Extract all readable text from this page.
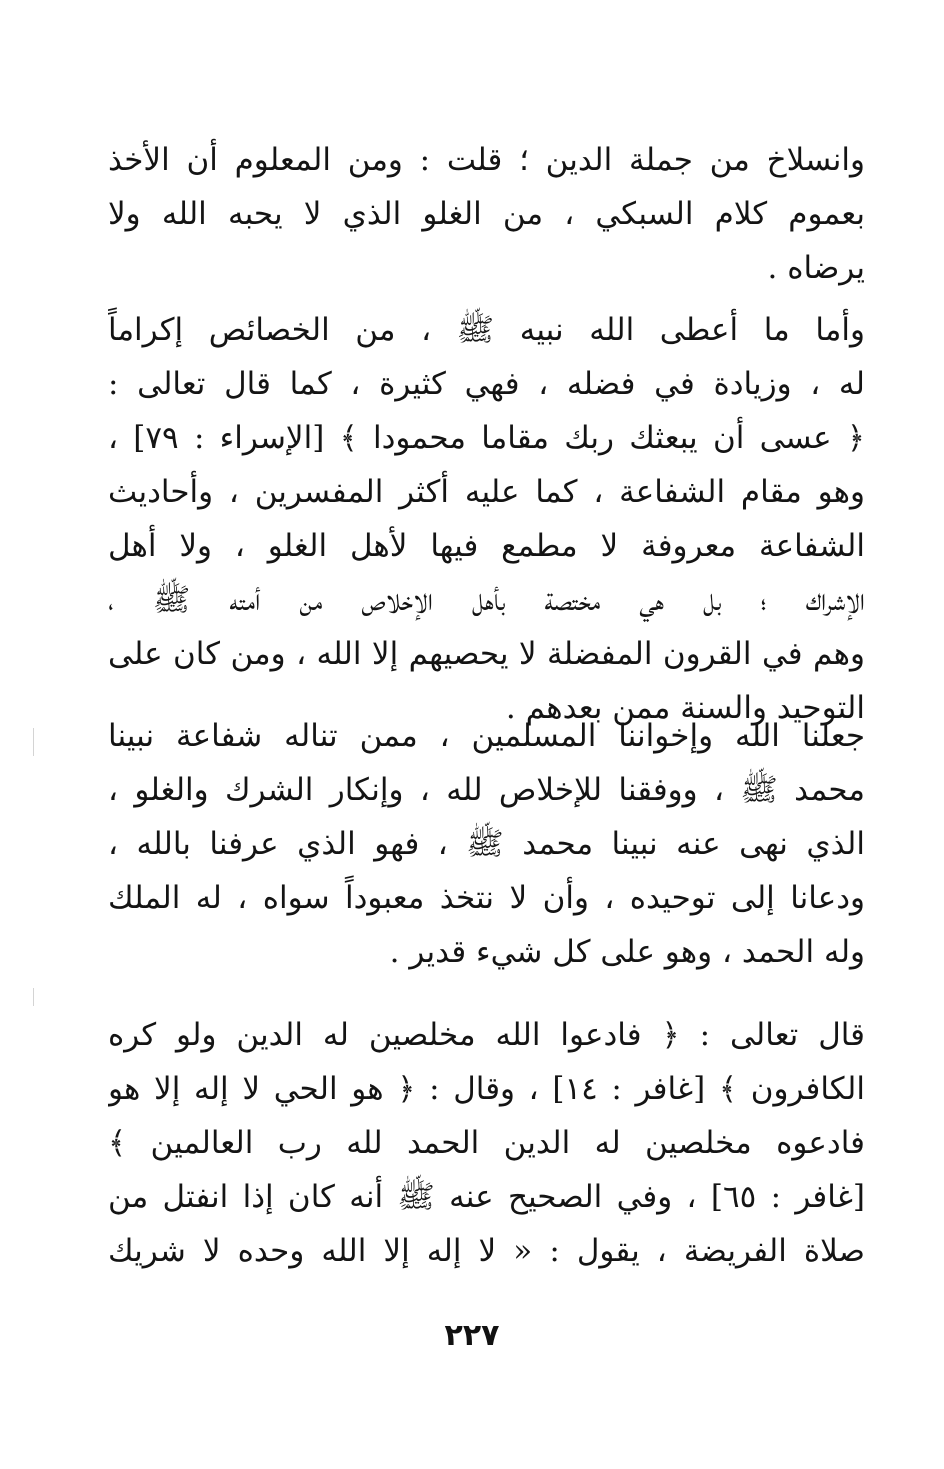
وانسلاخ من جملة الدين ؛ قلت : ومن المعلوم أن الأخذ
بعموم كلام السبكي ، من الغلو الذي لا يحبه الله ولا
يرضاه .
وأما ما أعطى الله نبيه ﷺ ، من الخصائص إكراماً
له ، وزيادة في فضله ، فهي كثيرة ، كما قال تعالى :
﴿ عسى أن يبعثك ربك مقاما محمودا ﴾ [الإسراء : ٧٩] ،
وهو مقام الشفاعة ، كما عليه أكثر المفسرين ، وأحاديث
الشفاعة معروفة لا مطمع فيها لأهل الغلو ، ولا أهل
الإشراك ؛ بل هي مختصة بأهل الإخلاص من أمته ﷺ ،
وهم في القرون المفضلة لا يحصيهم إلا الله ، ومن كان على
التوحيد والسنة ممن بعدهم .
جعلنا الله وإخواننا المسلمين ، ممن تناله شفاعة نبينا
محمد ﷺ ، ووفقنا للإخلاص لله ، وإنكار الشرك والغلو ،
الذي نهى عنه نبينا محمد ﷺ ، فهو الذي عرفنا بالله ،
ودعانا إلى توحيده ، وأن لا نتخذ معبوداً سواه ، له الملك
وله الحمد ، وهو على كل شيء قدير .
قال تعالى : ﴿ فادعوا الله مخلصين له الدين ولو كره
الكافرون ﴾ [غافر : ١٤] ، وقال : ﴿ هو الحي لا إله إلا هو
فادعوه مخلصين له الدين الحمد لله رب العالمين ﴾
[غافر : ٦٥] ، وفي الصحيح عنه ﷺ أنه كان إذا انفتل من
صلاة الفريضة ، يقول : « لا إله إلا الله وحده لا شريك
٢٢٧
